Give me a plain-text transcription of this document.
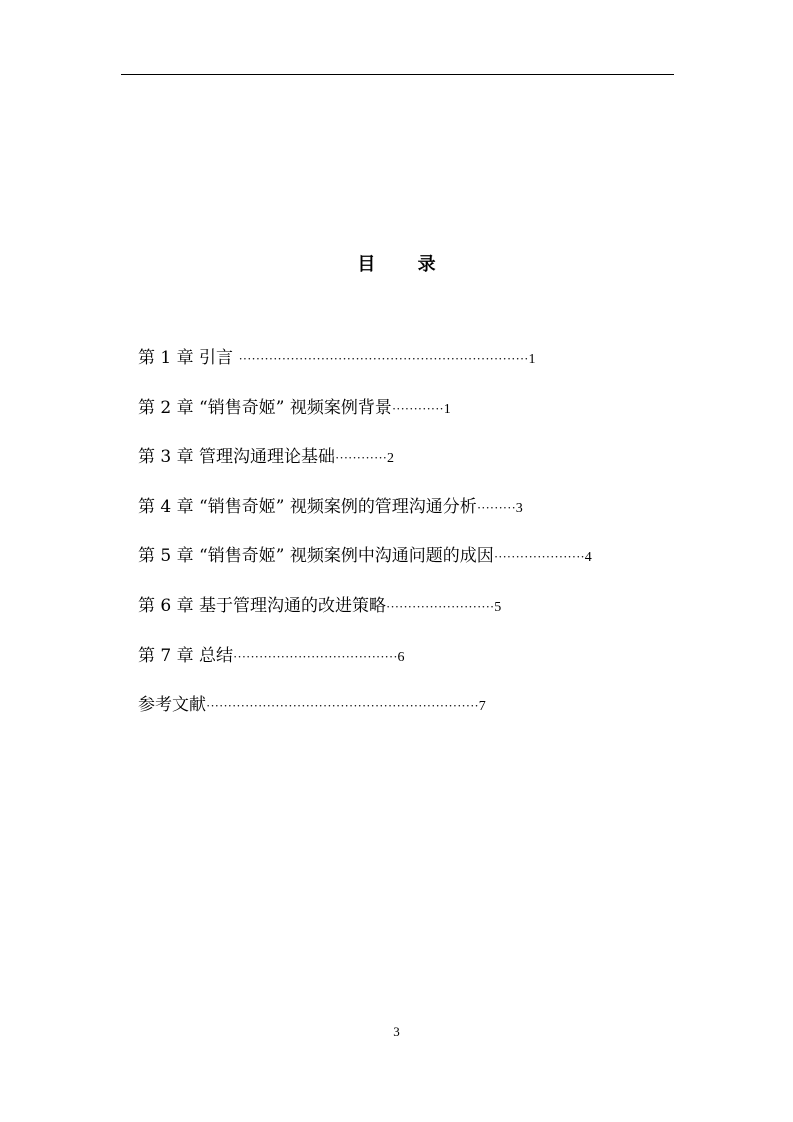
目 录
第 1 章 引言 ···································································1
第 2 章 “销售奇姬” 视频案例背景············1
第 3 章 管理沟通理论基础············2
第 4 章 “销售奇姬” 视频案例的管理沟通分析·········3
第 5 章 “销售奇姬” 视频案例中沟通问题的成因·····················4
第 6 章 基于管理沟通的改进策略·························5
第 7 章 总结······································6
参考文献·······························································7
3
